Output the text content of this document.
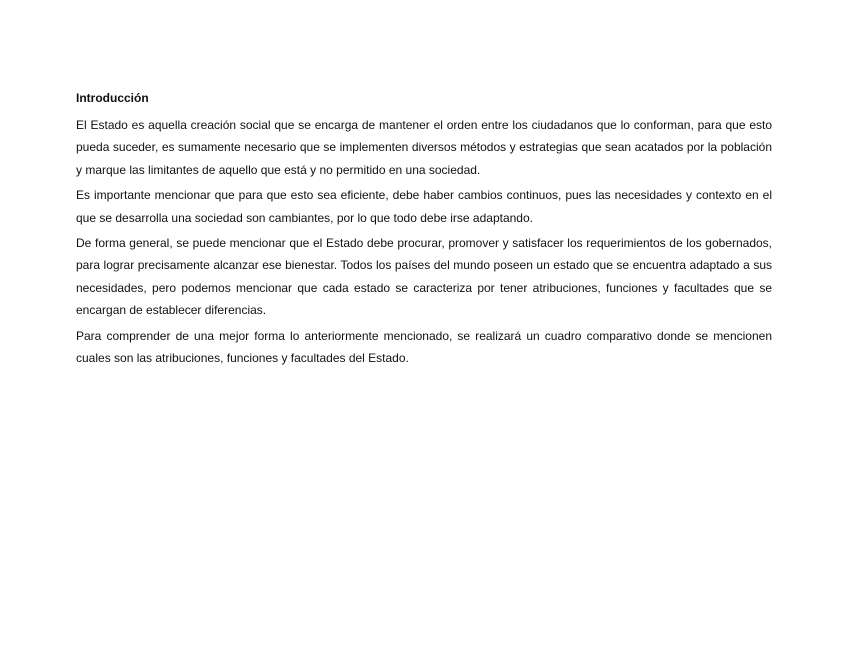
Introducción

El Estado es aquella creación social que se encarga de mantener el orden entre los ciudadanos que lo conforman, para que esto pueda suceder, es sumamente necesario que se implementen diversos métodos y estrategias que sean acatados por la población y marque las limitantes de aquello que está y no permitido en una sociedad.

Es importante mencionar que para que esto sea eficiente, debe haber cambios continuos, pues las necesidades y contexto en el que se desarrolla una sociedad son cambiantes, por lo que todo debe irse adaptando.

De forma general, se puede mencionar que el Estado debe procurar, promover y satisfacer los requerimientos de los gobernados, para lograr precisamente alcanzar ese bienestar. Todos los países del mundo poseen un estado que se encuentra adaptado a sus necesidades, pero podemos mencionar que cada estado se caracteriza por tener atribuciones, funciones y facultades que se encargan de establecer diferencias.

Para comprender de una mejor forma lo anteriormente mencionado, se realizará un cuadro comparativo donde se mencionen cuales son las atribuciones, funciones y facultades del Estado.
